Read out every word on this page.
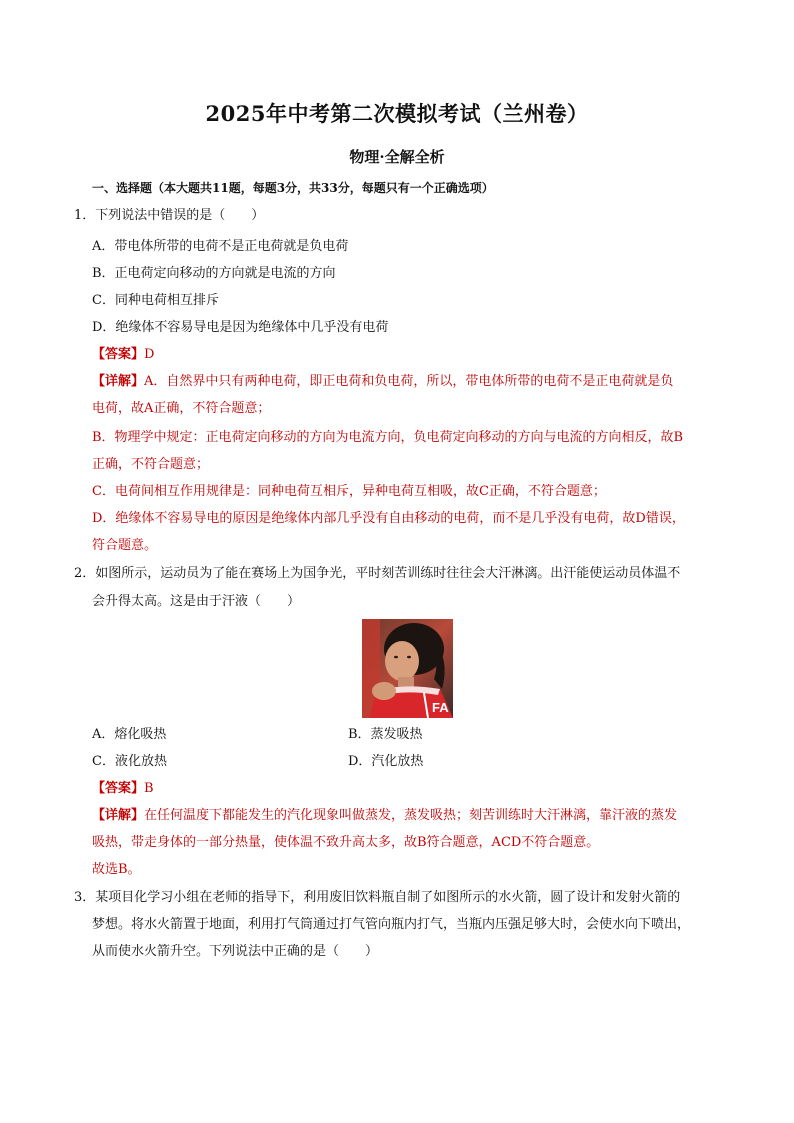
2025年中考第二次模拟考试（兰州卷）
物理·全解全析
一、选择题（本大题共11题，每题3分，共33分，每题只有一个正确选项）
1．下列说法中错误的是（　　）
A．带电体所带的电荷不是正电荷就是负电荷
B．正电荷定向移动的方向就是电流的方向
C．同种电荷相互排斥
D．绝缘体不容易导电是因为绝缘体中几乎没有电荷
【答案】D
【详解】A．自然界中只有两种电荷，即正电荷和负电荷，所以，带电体所带的电荷不是正电荷就是负
电荷，故A正确，不符合题意；
B．物理学中规定：正电荷定向移动的方向为电流方向，负电荷定向移动的方向与电流的方向相反，故B
正确，不符合题意；
C．电荷间相互作用规律是：同种电荷互相斥，异种电荷互相吸，故C正确，不符合题意；
D．绝缘体不容易导电的原因是绝缘体内部几乎没有自由移动的电荷，而不是几乎没有电荷，故D错误，
符合题意。
2．如图所示，运动员为了能在赛场上为国争光，平时刻苦训练时往往会大汗淋漓。出汗能使运动员体温不
会升得太高。这是由于汗液（　　）
FA
A．熔化吸热	B．蒸发吸热
C．液化放热	D．汽化放热
【答案】B
【详解】在任何温度下都能发生的汽化现象叫做蒸发，蒸发吸热；刻苦训练时大汗淋漓，靠汗液的蒸发
吸热，带走身体的一部分热量，使体温不致升高太多，故B符合题意，ACD不符合题意。
故选B。
3．某项目化学习小组在老师的指导下，利用废旧饮料瓶自制了如图所示的水火箭，圆了设计和发射火箭的
梦想。将水火箭置于地面，利用打气筒通过打气管向瓶内打气，当瓶内压强足够大时，会使水向下喷出，
从而使水火箭升空。下列说法中正确的是（　　）
